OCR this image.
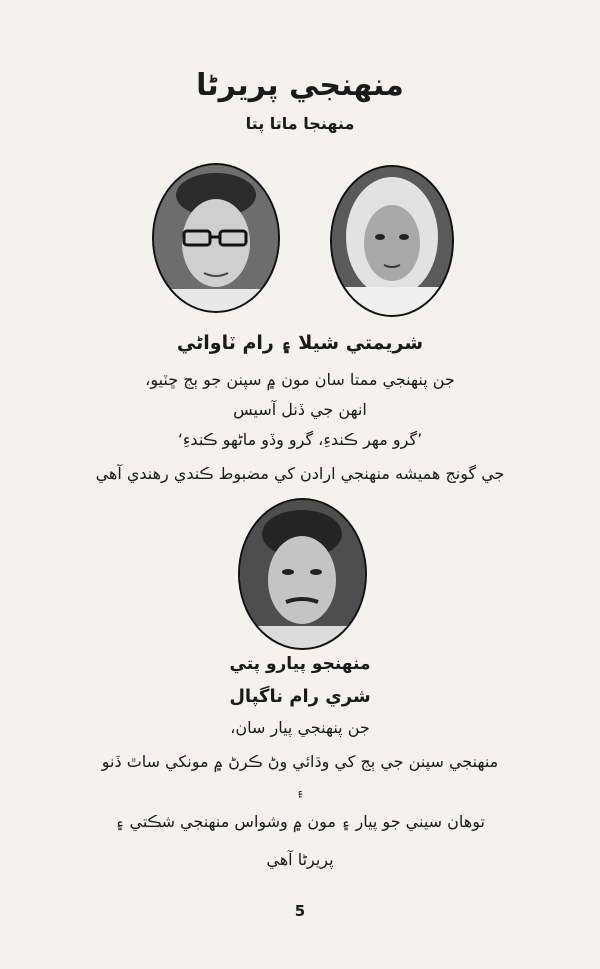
منهنجي پريرڻا
منهنجا ماتا پتا
شريمتي شيلا ۽ رام ٽاواڻي
جن پنهنجي ممتا سان مون ۾ سپنن جو ٻج ڇٽيو،
انهن جي ڏنل آسيس
’گرو مهر ڪندءِ، گرو وڏو ماڻهو ڪندءِ‘
جي گونج هميشه منهنجي ارادن کي مضبوط ڪندي رهندي آهي
منهنجو پيارو پتي
شري رام ناگپال
جن پنهنجي پيار سان،
منهنجي سپنن جي ٻج کي وڌائي وڻ ڪرڻ ۾ مونکي ساٿ ڏنو
۽
توهان سيني جو پيار ۽ مون ۾ وشواس منهنجي شڪتي ۽
پريرڻا آهي
5
